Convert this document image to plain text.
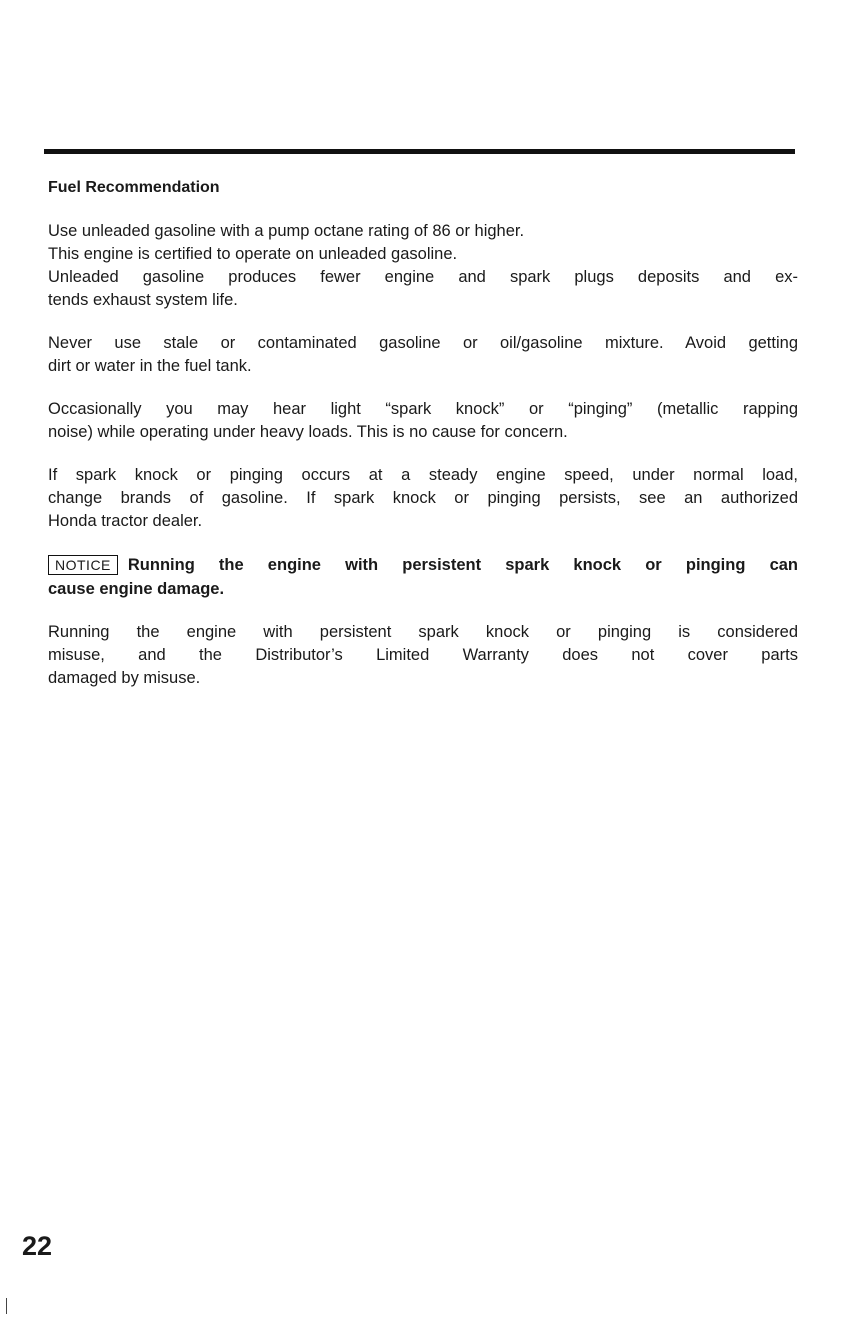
Fuel Recommendation
Use unleaded gasoline with a pump octane rating of 86 or higher.
This engine is certified to operate on unleaded gasoline.
Unleaded gasoline produces fewer engine and spark plugs deposits and ex-
tends exhaust system life.
Never use stale or contaminated gasoline or oil/gasoline mixture. Avoid getting
dirt or water in the fuel tank.
Occasionally you may hear light “spark knock” or “pinging” (metallic rapping
noise) while operating under heavy loads. This is no cause for concern.
If spark knock or pinging occurs at a steady engine speed, under normal load,
change brands of gasoline. If spark knock or pinging persists, see an authorized
Honda tractor dealer.
NOTICE	Running the engine with persistent spark knock or pinging can
cause engine damage.
Running the engine with persistent spark knock or pinging is considered
misuse, and the Distributor’s Limited Warranty does not cover parts
damaged by misuse.
22
